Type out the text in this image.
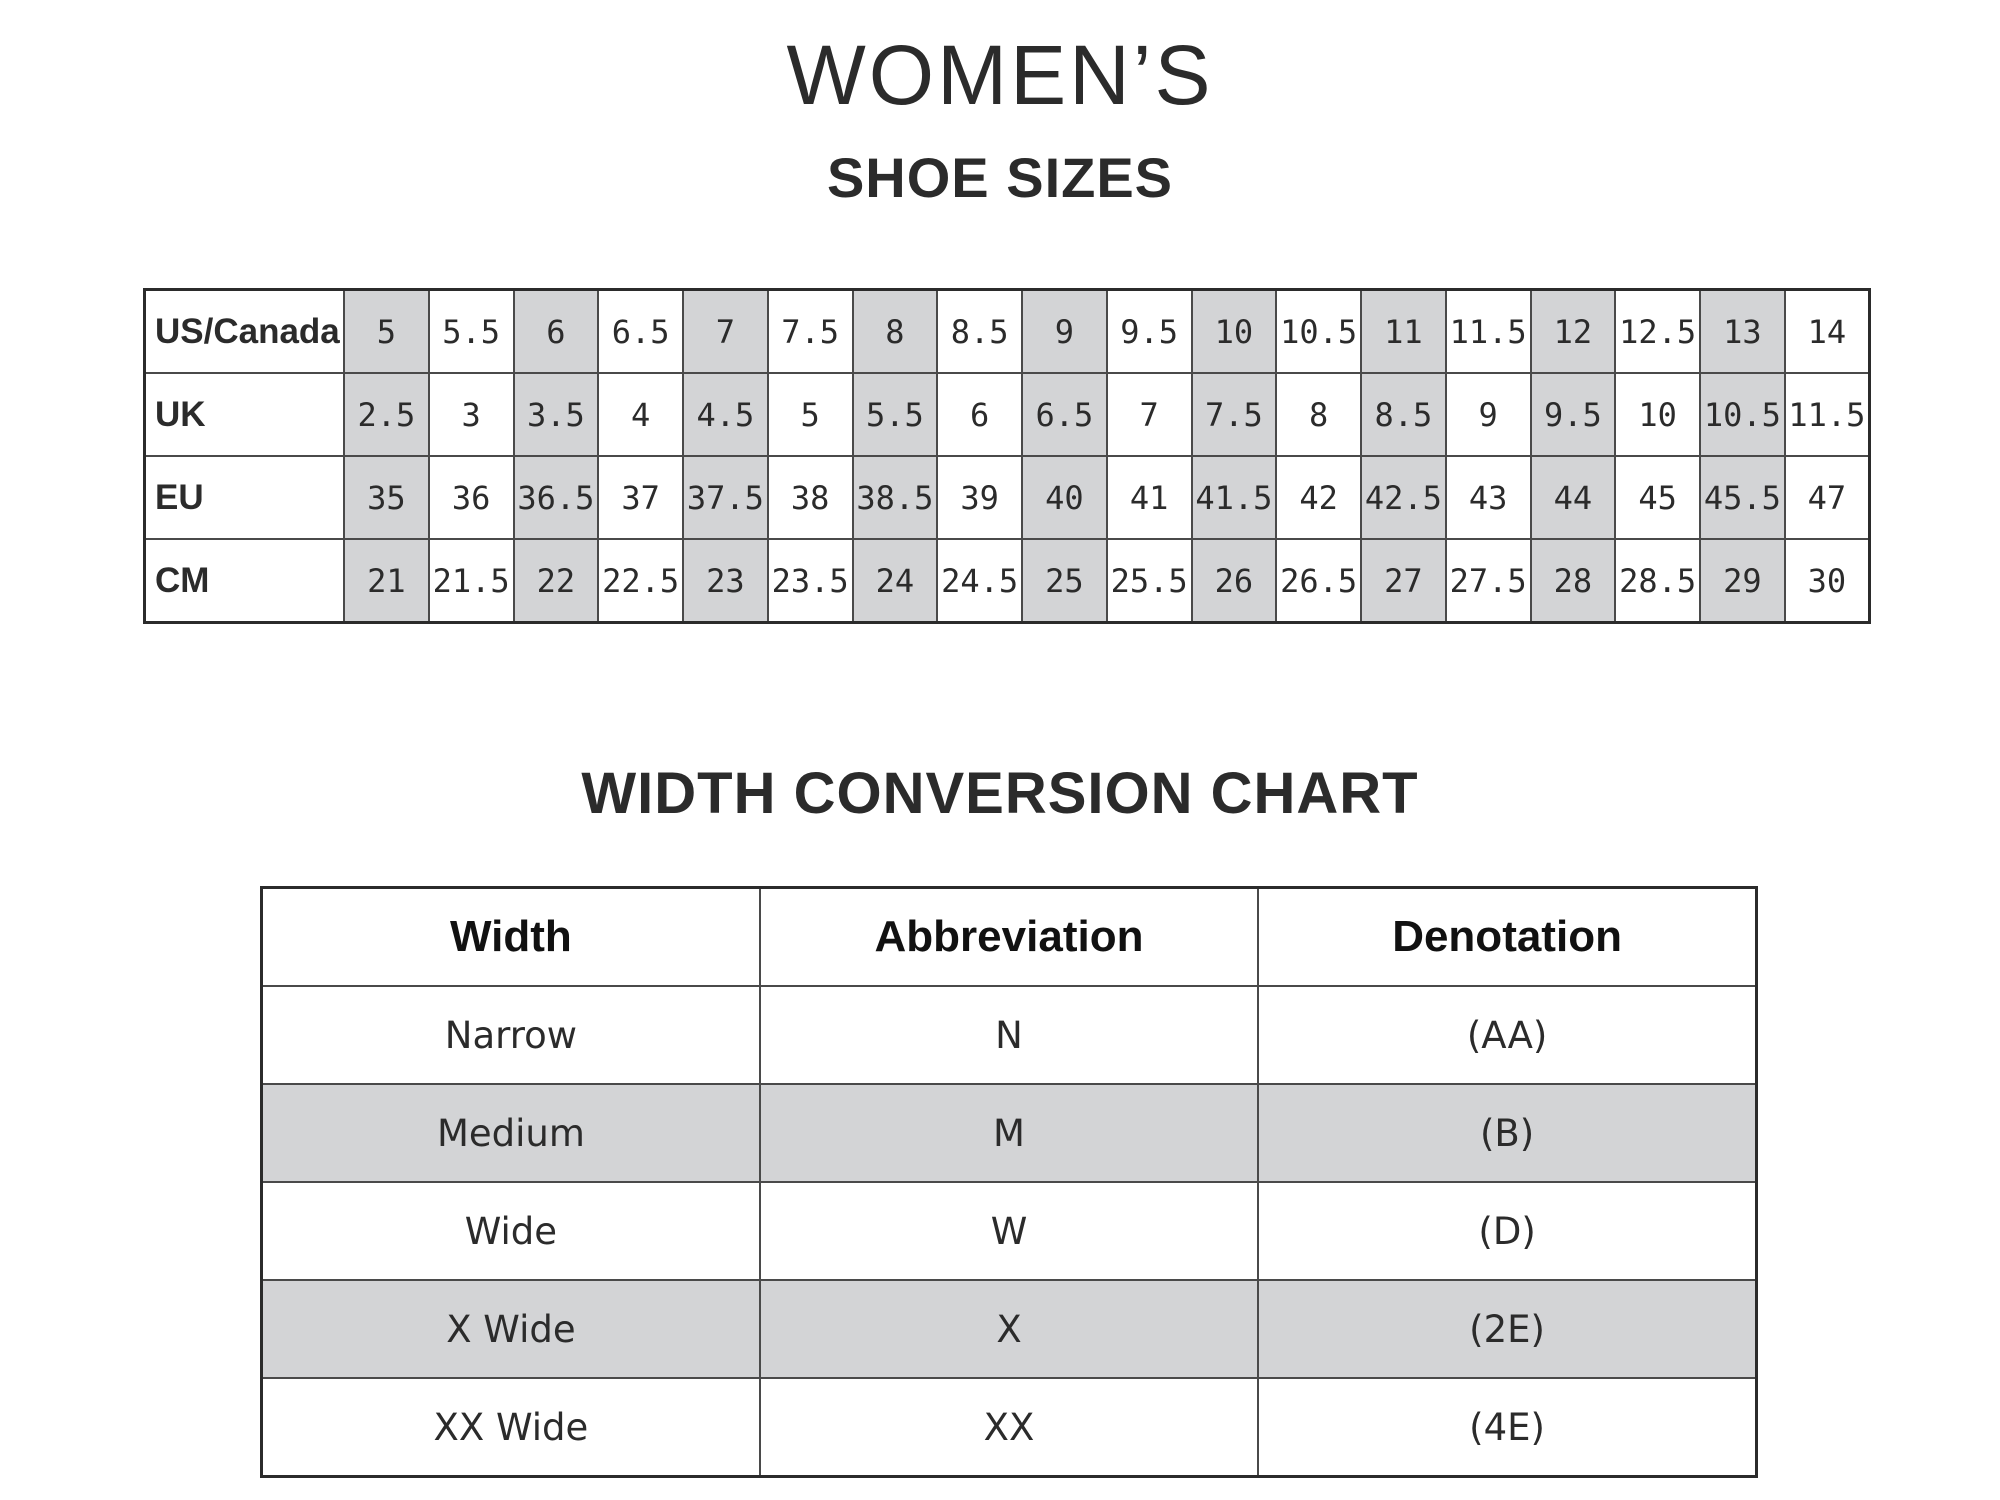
WOMEN’S
SHOE SIZES
US/Canada	5	5.5	6	6.5	7	7.5	8	8.5	9	9.5	10	10.5	11	11.5	12	12.5	13	14
UK	2.5	3	3.5	4	4.5	5	5.5	6	6.5	7	7.5	8	8.5	9	9.5	10	10.5	11.5
EU	35	36	36.5	37	37.5	38	38.5	39	40	41	41.5	42	42.5	43	44	45	45.5	47
CM	21	21.5	22	22.5	23	23.5	24	24.5	25	25.5	26	26.5	27	27.5	28	28.5	29	30
WIDTH CONVERSION CHART
Width	Abbreviation	Denotation
Narrow	N	(AA)
Medium	M	(B)
Wide	W	(D)
X Wide	X	(2E)
XX Wide	XX	(4E)
